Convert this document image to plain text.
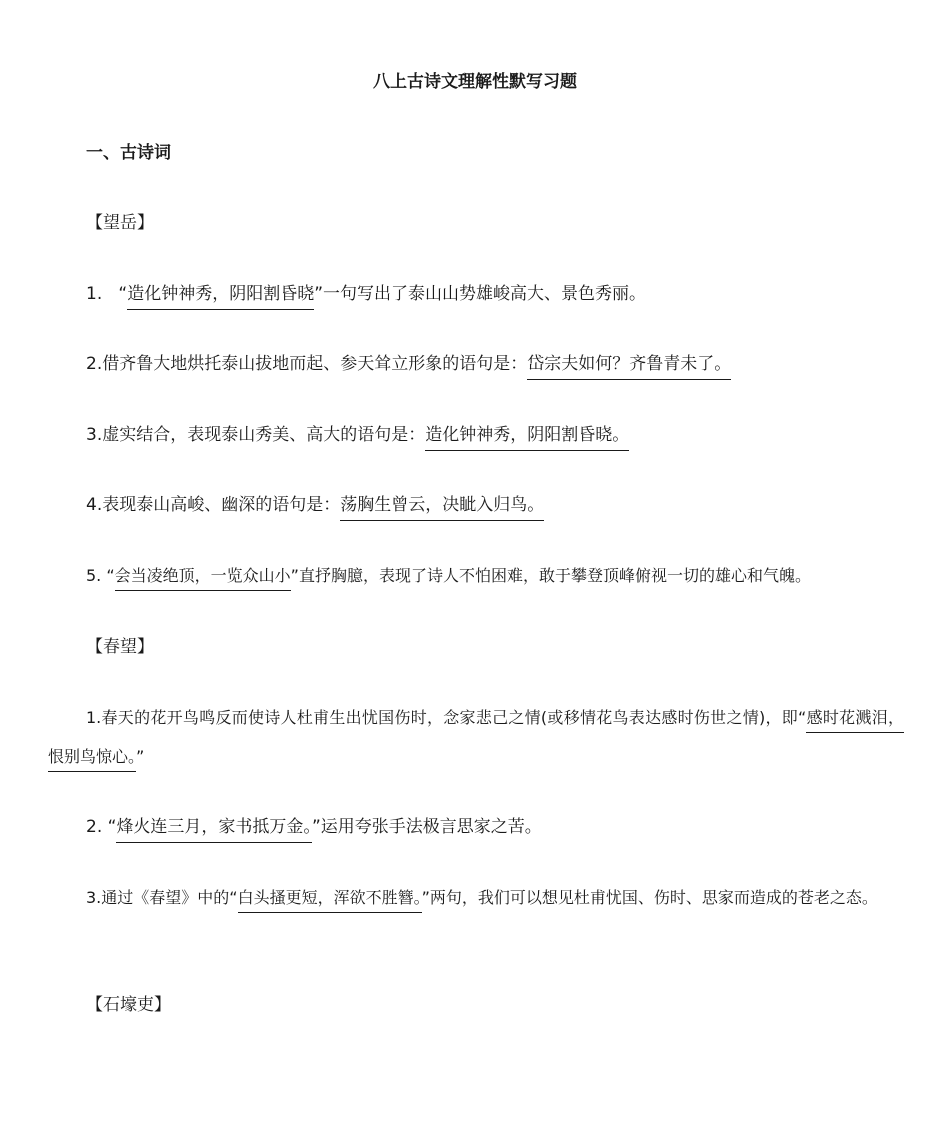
八上古诗文理解性默写习题
一、古诗词
【望岳】
1.   “造化钟神秀，阴阳割昏晓”一句写出了泰山山势雄峻高大、景色秀丽。
2.借齐鲁大地烘托泰山拔地而起、参天耸立形象的语句是：岱宗夫如何？齐鲁青未了。
3.虚实结合，表现泰山秀美、高大的语句是：造化钟神秀，阴阳割昏晓。
4.表现泰山高峻、幽深的语句是：荡胸生曾云，决眦入归鸟。
5. “会当凌绝顶，一览众山小”直抒胸臆，表现了诗人不怕困难，敢于攀登顶峰俯视一切的雄心和气魄。
【春望】
1.春天的花开鸟鸣反而使诗人杜甫生出忧国伤时，念家悲己之情(或移情花鸟表达感时伤世之情)，即“感时花溅泪，恨别鸟惊心。”
2. “烽火连三月，家书抵万金。”运用夸张手法极言思家之苦。
3.通过《春望》中的“白头搔更短，浑欲不胜簪。”两句，我们可以想见杜甫忧国、伤时、思家而造成的苍老之态。
【石壕吏】
